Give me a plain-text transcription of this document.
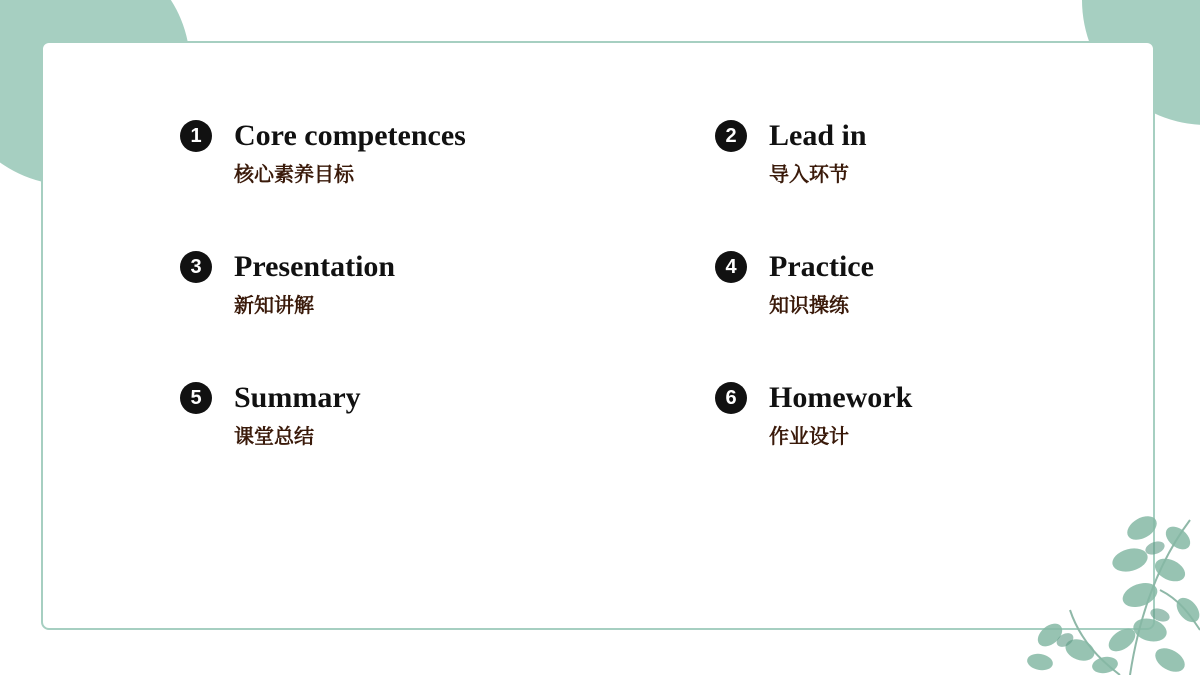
1	Core competences
核心素养目标
2	Lead in
导入环节
3	Presentation
新知讲解
4	Practice
知识操练
5	Summary
课堂总结
6	Homework
作业设计
